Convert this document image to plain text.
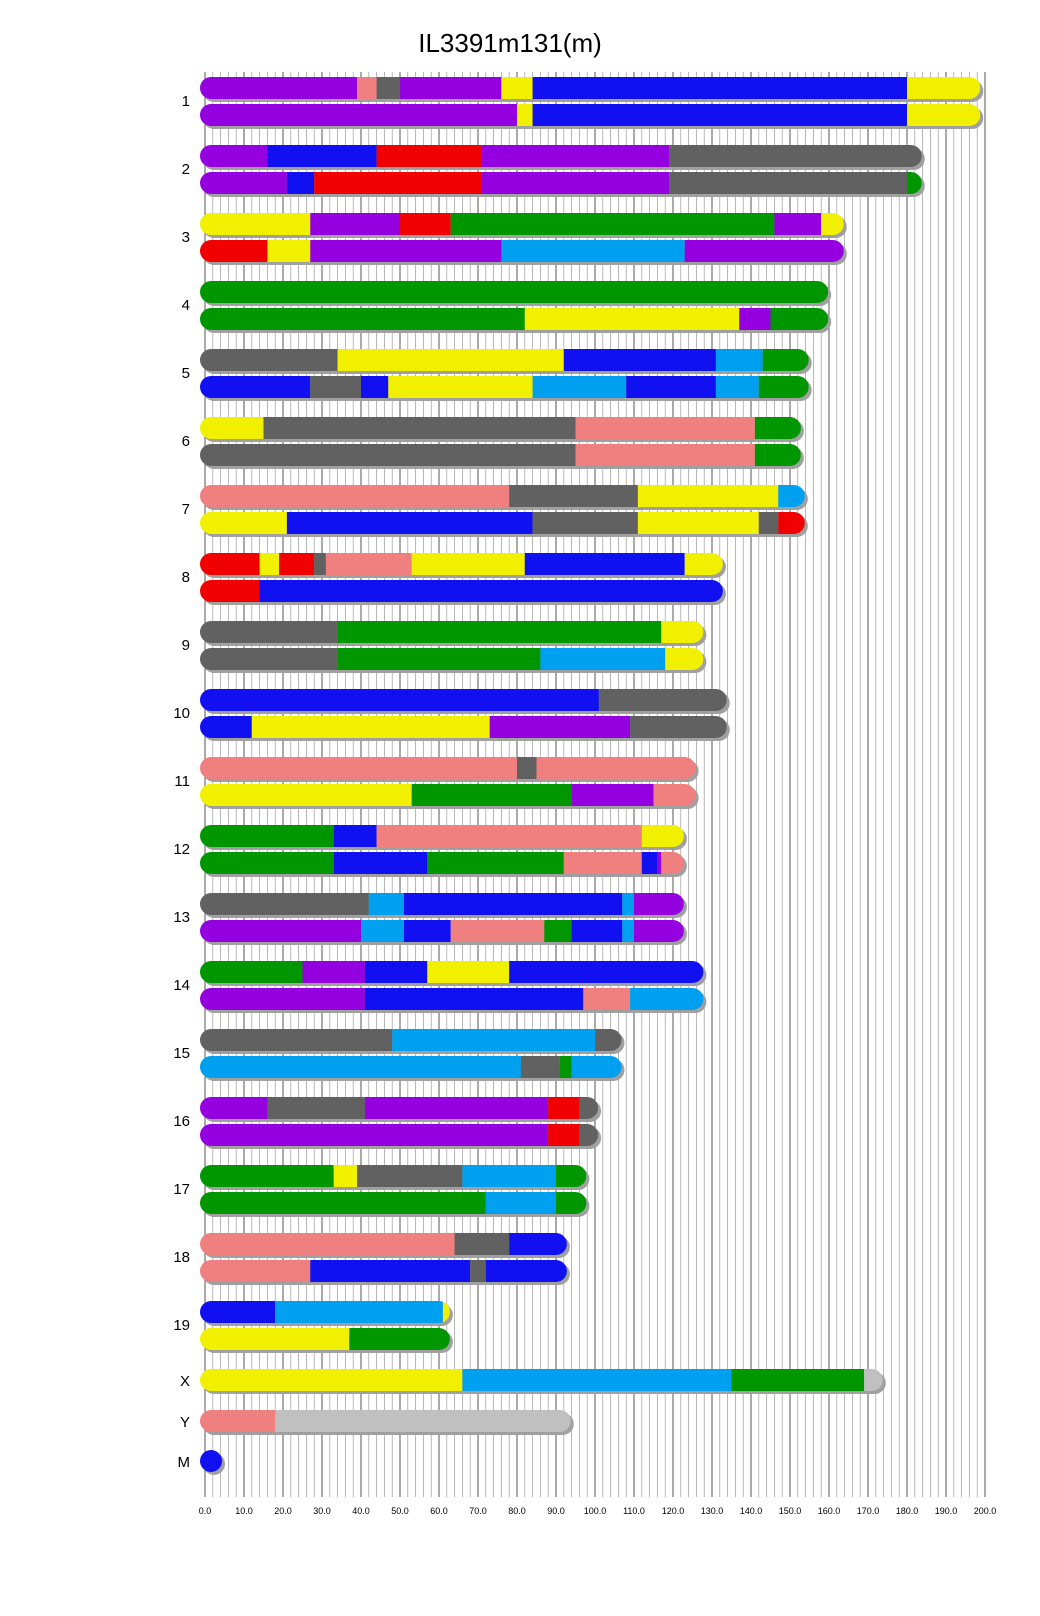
IL3391m131(m)
0.0	10.0 20.0 30.0 40.0 50.0 60.0 70.0 80.0 90.0 100.0 110.0 120.0 130.0 140.0 150.0 160.0 170.0 180.0 190.0 200.0
1
2
3
4
5
6
7
8
9
10
11
12
13
14
15
16
17
18
19
X
Y
M
